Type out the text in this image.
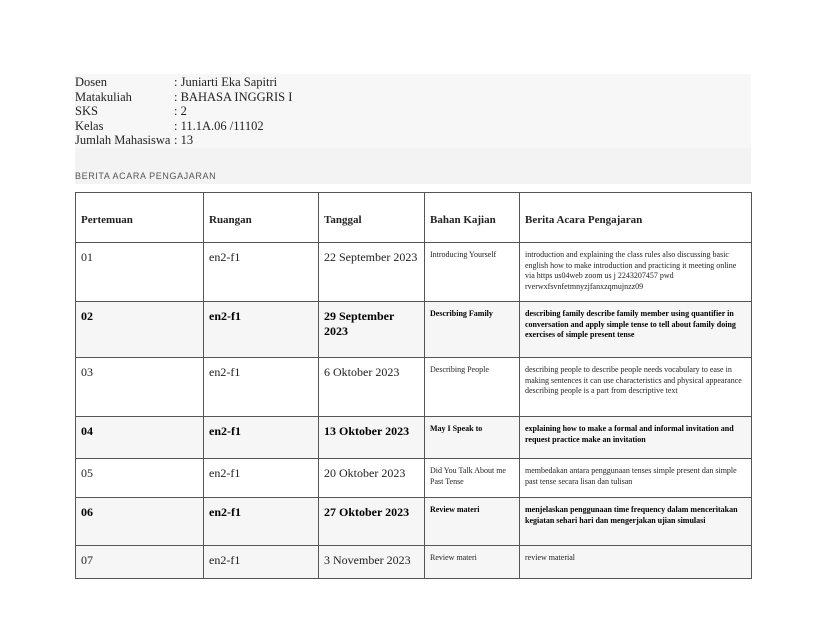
Dosen	: Juniarti Eka Sapitri
Matakuliah	: BAHASA INGGRIS I
SKS	: 2
Kelas	: 11.1A.06 /11102
Jumlah Mahasiswa : 13
BERITA ACARA PENGAJARAN
Pertemuan	Ruangan	Tanggal	Bahan Kajian	Berita Acara Pengajaran
01	en2-f1	22 September 2023	Introducing Yourself	introduction and explaining the class rules also discussing basic english how to make introduction and practicing it meeting online via https us04web zoom us j 2243207457 pwd rverwxfsvnfetmnyzjfanxzqmujnzz09
02	en2-f1	29 September 2023	Describing Family	describing family describe family member using quantifier in conversation and apply simple tense to tell about family doing exercises of simple present tense
03	en2-f1	6 Oktober 2023	Describing People	describing people to describe people needs vocabulary to ease in making sentences it can use characteristics and physical appearance describing people is a part from descriptive text
04	en2-f1	13 Oktober 2023	May I Speak to	explaining how to make a formal and informal invitation and request practice make an invitation
05	en2-f1	20 Oktober 2023	Did You Talk About me Past Tense	membedakan antara penggunaan tenses simple present dan simple past tense secara lisan dan tulisan
06	en2-f1	27 Oktober 2023	Review materi	menjelaskan penggunaan time frequency dalam menceritakan kegiatan sehari hari dan mengerjakan ujian simulasi
07	en2-f1	3 November 2023	Review materi	review material
